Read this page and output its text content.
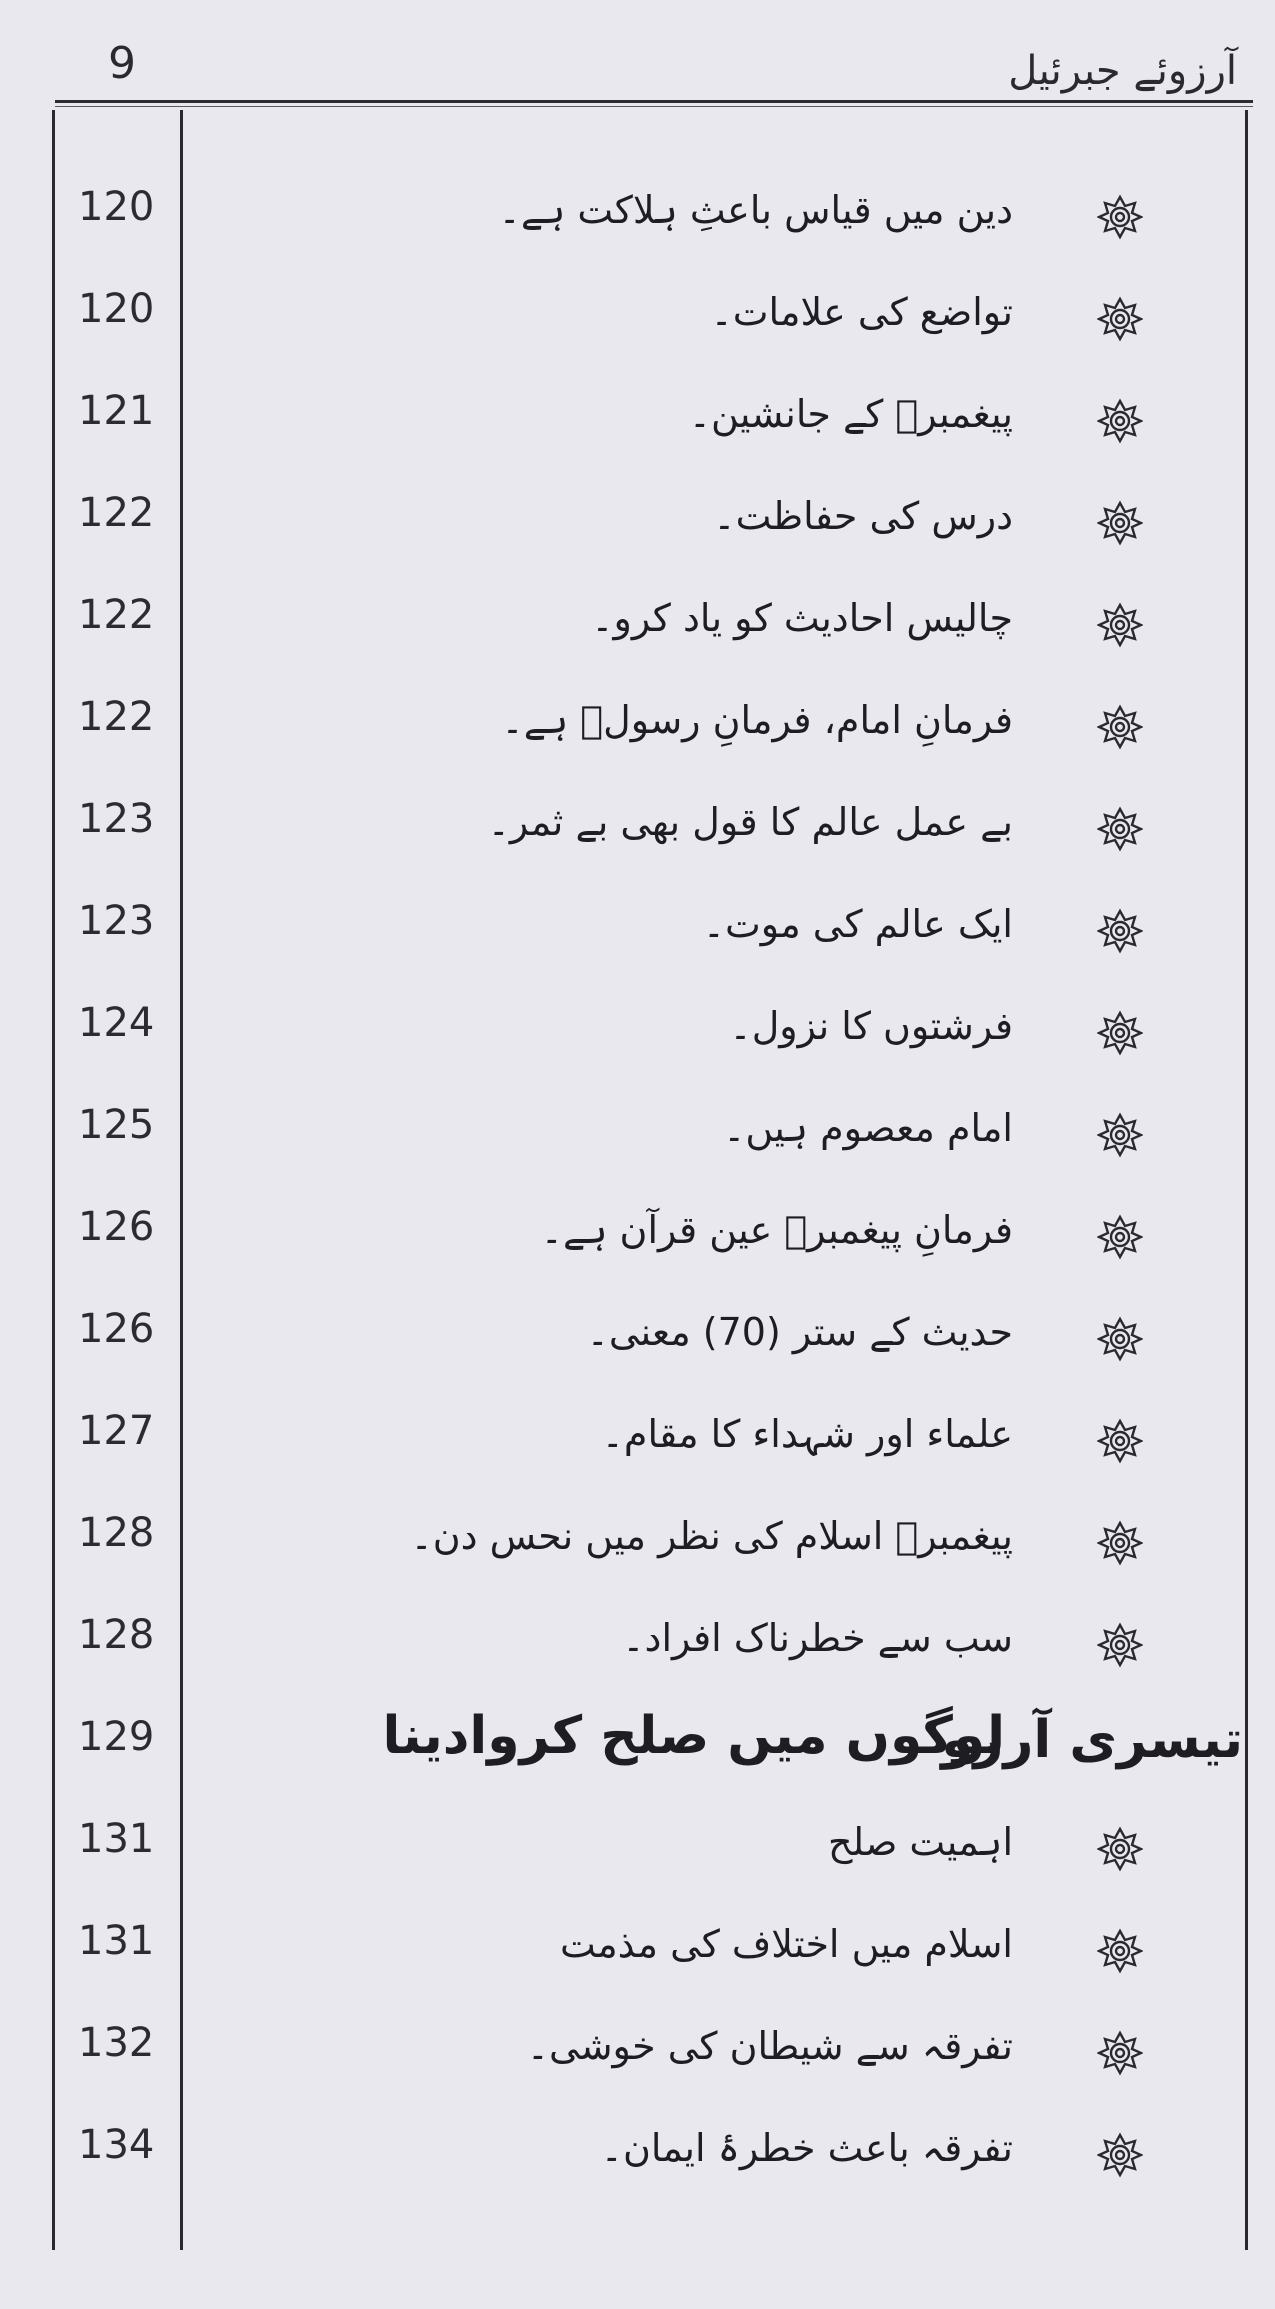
9	آرزوئے جبرئیل
120	دین میں قیاس باعثِ ہلاکت ہے۔
120	تواضع کی علامات۔
121	پیغمبرؐ کے جانشین۔
122	درس کی حفاظت۔
122	چالیس احادیث کو یاد کرو۔
122	فرمانِ امام، فرمانِ رسولؐ ہے۔
123	بے عمل عالم کا قول بھی بے ثمر۔
123	ایک عالم کی موت۔
124	فرشتوں کا نزول۔
125	امام معصوم ہیں۔
126	فرمانِ پیغمبرؐ عین قرآن ہے۔
126	حدیث کے ستر (70) معنی۔
127	علماء اور شہداء کا مقام۔
128	پیغمبرؐ اسلام کی نظر میں نحس دن۔
128	سب سے خطرناک افراد۔
129	لوگوں میں صلح کروادینا
تیسری آرزو
131	اہمیت صلح
131	اسلام میں اختلاف کی مذمت
132	تفرقہ سے شیطان کی خوشی۔
134	تفرقہ باعث خطرۂ ایمان۔
